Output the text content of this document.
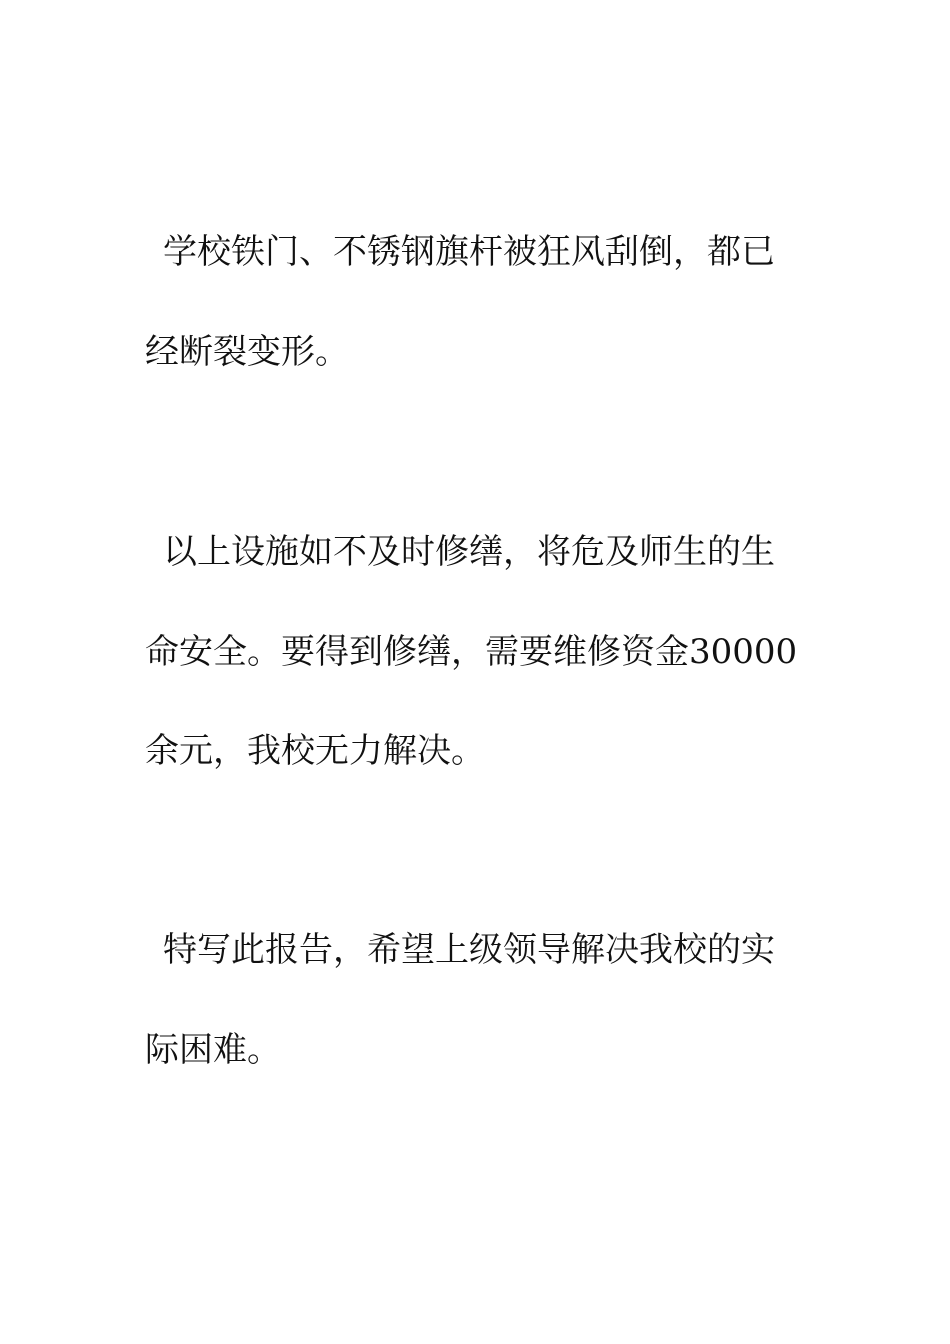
学校铁门、不锈钢旗杆被狂风刮倒，都已
经断裂变形。
以上设施如不及时修缮，将危及师生的生
命安全。要得到修缮，需要维修资金30000
余元，我校无力解决。
特写此报告，希望上级领导解决我校的实
际困难。
